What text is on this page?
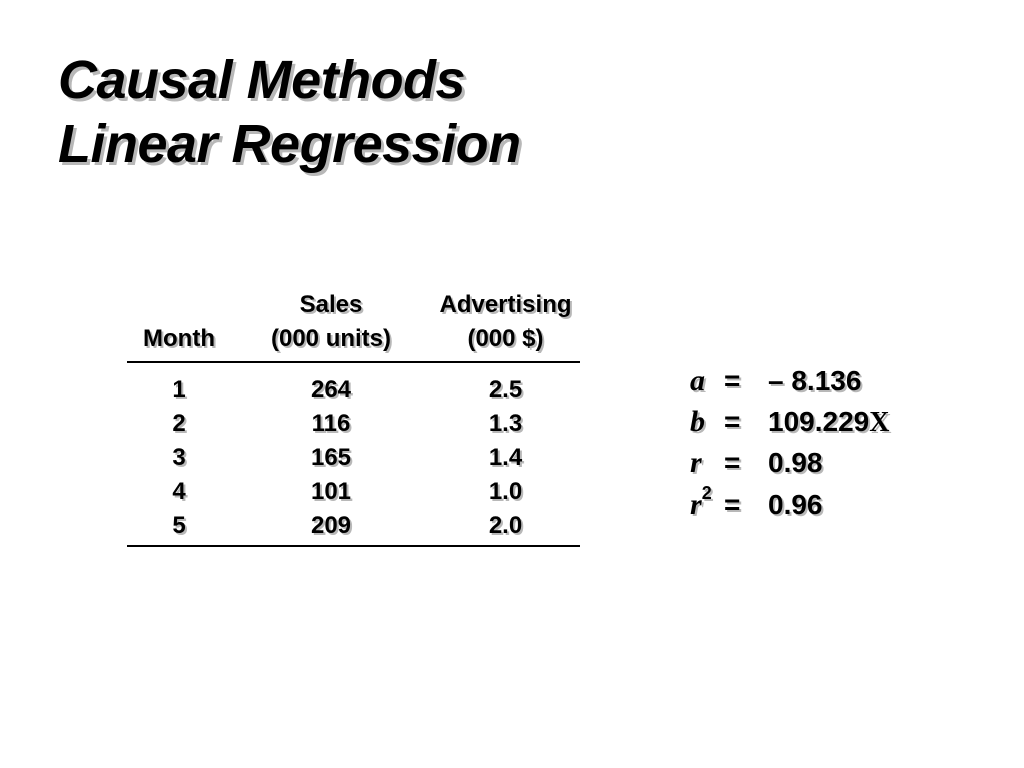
Causal Methods
Linear Regression
	Sales	Advertising
Month	(000 units)	(000 $)
1	264	2.5
2	116	1.3
3	165	1.4
4	101	1.0
5	209	2.0
a = – 8.136
b = 109.229X
r = 0.98
$r^2 = 0.96$
